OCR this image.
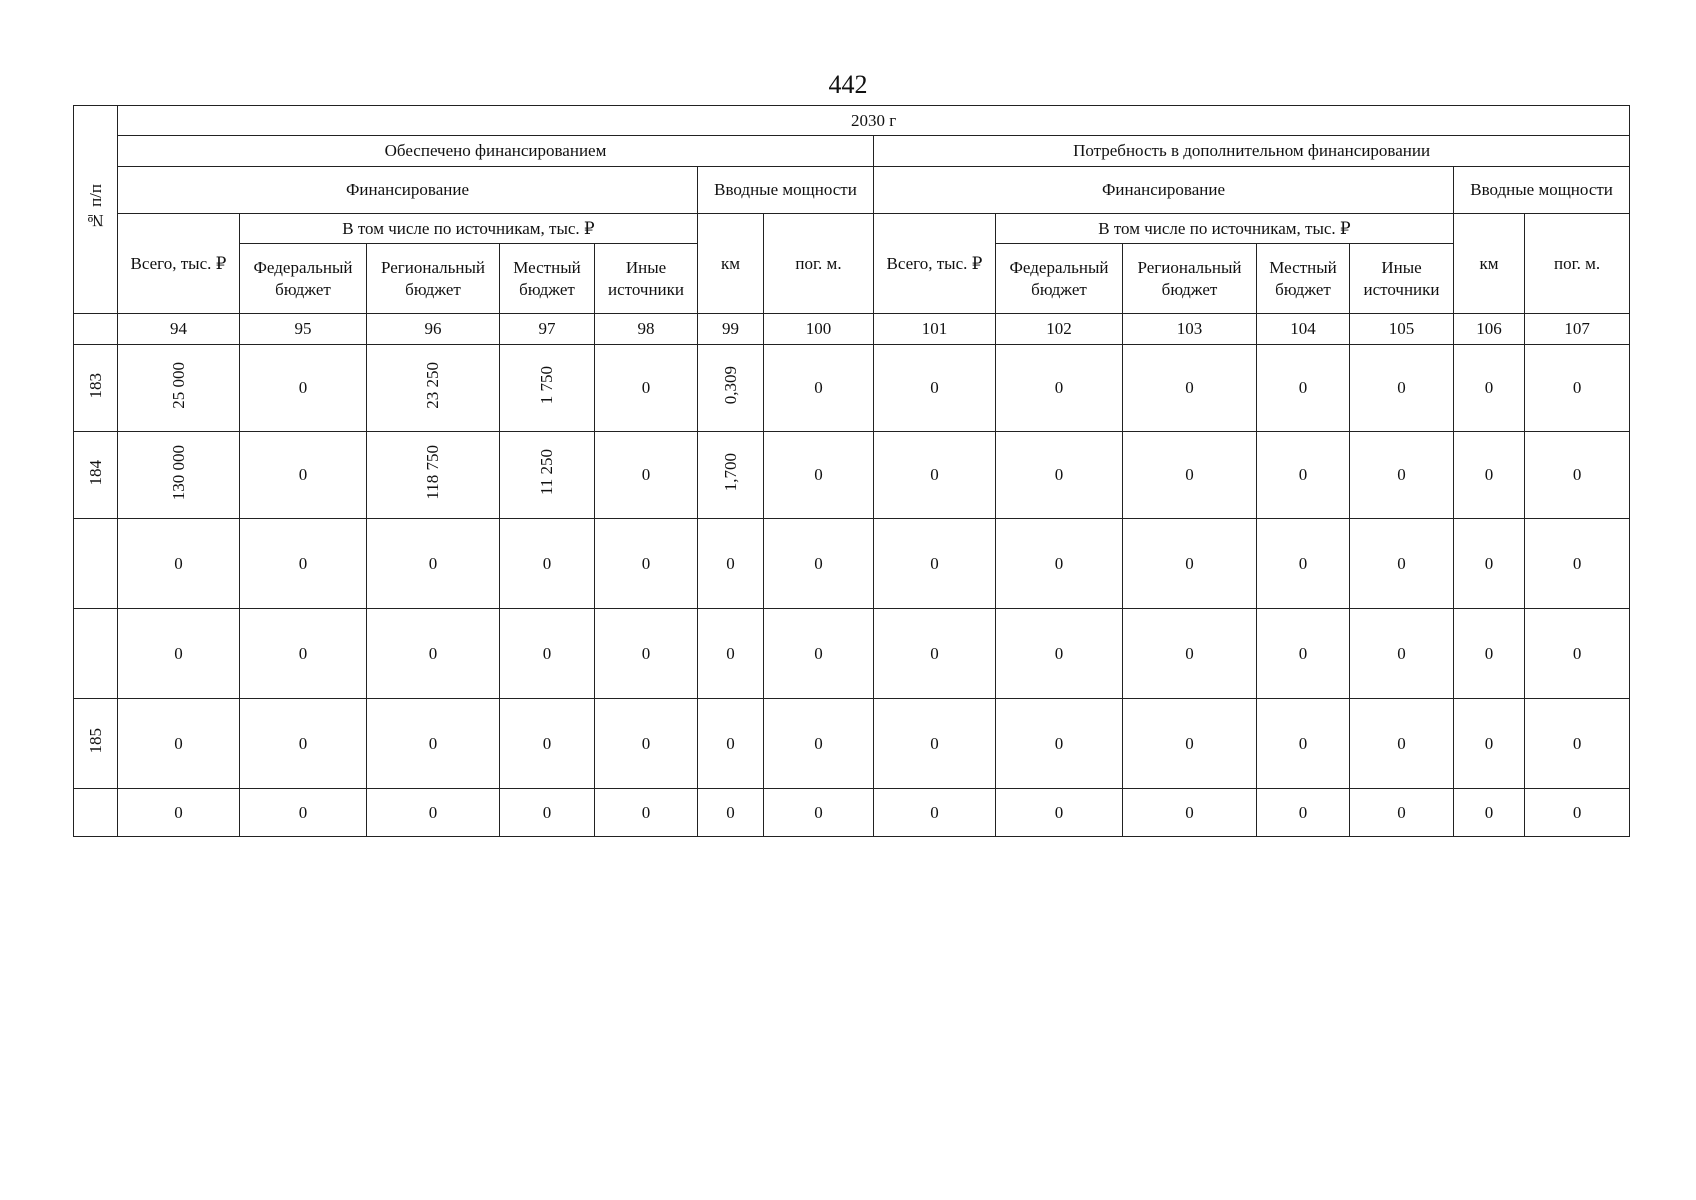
442
№ п/п	2030 г													
	Обеспечено финансированием							Потребность в дополнительном финансировании						
	Финансирование					Вводные мощности		Финансирование					Вводные мощности	
	Всего, тыс. ₽	В том числе по источникам, тыс. ₽				км	пог. м.	Всего, тыс. ₽	В том числе по источникам, тыс. ₽				км	пог. м.
		Федеральный бюджет	Региональный бюджет	Местный бюджет	Иные источники				Федеральный бюджет	Региональный бюджет	Местный бюджет	Иные источники		
	94	95	96	97	98	99	100	101	102	103	104	105	106	107
183	25 000	0	23 250	1 750	0	0,309	0	0	0	0	0	0	0	0
184	130 000	0	118 750	11 250	0	1,700	0	0	0	0	0	0	0	0
	0	0	0	0	0	0	0	0	0	0	0	0	0	0
	0	0	0	0	0	0	0	0	0	0	0	0	0	0
185	0	0	0	0	0	0	0	0	0	0	0	0	0	0
	0	0	0	0	0	0	0	0	0	0	0	0	0	0
